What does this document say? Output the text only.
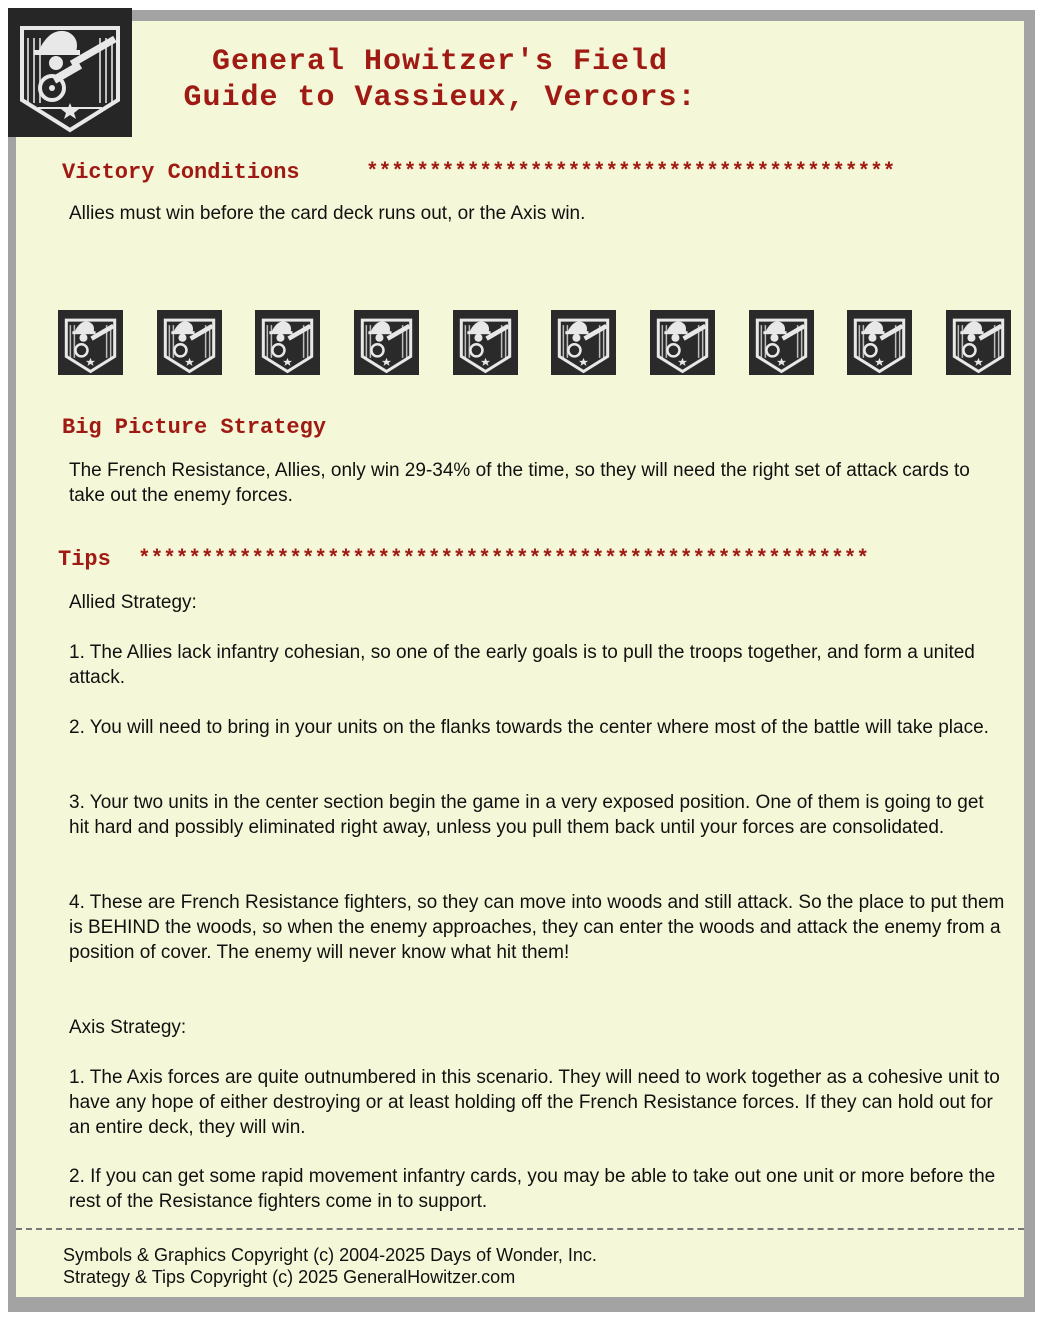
General Howitzer's Field
Guide to Vassieux, Vercors:
Victory Conditions	******************************************
Allies must win before the card deck runs out, or the Axis win.
Big Picture Strategy
The French Resistance, Allies, only win 29-34% of the time, so they will need the right set of attack cards to take out the enemy forces.
Tips **********************************************************
Allied Strategy:
1. The Allies lack infantry cohesian, so one of the early goals is to pull the troops together, and form a united attack.
2. You will need to bring in your units on the flanks towards the center where most of the battle will take place.
3. Your two units in the center section begin the game in a very exposed position. One of them is going to get hit hard and possibly eliminated right away, unless you pull them back until your forces are consolidated.
4. These are French Resistance fighters, so they can move into woods and still attack. So the place to put them is BEHIND the woods, so when the enemy approaches, they can enter the woods and attack the enemy from a position of cover. The enemy will never know what hit them!
Axis Strategy:
1. The Axis forces are quite outnumbered in this scenario. They will need to work together as a cohesive unit to have any hope of either destroying or at least holding off the French Resistance forces. If they can hold out for an entire deck, they will win.
2. If you can get some rapid movement infantry cards, you may be able to take out one unit or more before the rest of the Resistance fighters come in to support.
Symbols & Graphics Copyright (c) 2004-2025 Days of Wonder, Inc.
Strategy & Tips Copyright (c) 2025 GeneralHowitzer.com
